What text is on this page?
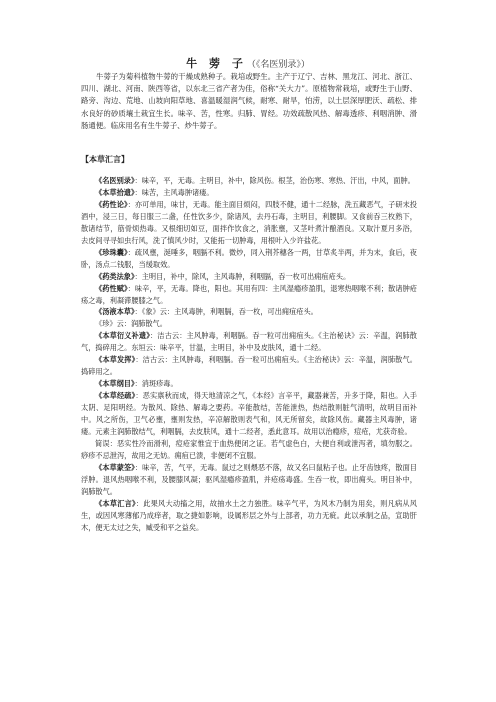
牛 蒡 子（《名医别录》）

牛蒡子为菊科植物牛蒡的干燥成熟种子。栽培或野生。主产于辽宁、吉林、黑龙江、河北、浙江、四川、湖北、河南、陕西等省，以东北三省产者为佳，俗称“关大力”。原植物常栽培，或野生于山野、路旁、沟边、荒地、山坡向阳草地、喜温暖湿润气候，耐寒、耐旱，怕涝，以土层深厚肥沃、疏松、排水良好的砂质壤土栽宜生长。味辛、苦，性寒。归肺、胃经。功效疏散风热、解毒透疹、利咽消肿、滑肠通便。临床用名有生牛蒡子、炒牛蒡子。

【本草汇言】

《名医别录》：味辛，平，无毒。主明目，补中，除风伤。根茎，治伤寒、寒热、汗出，中风，面肿。

《本草拾遗》：味苦，主风毒肿诸瘘。

《药性论》：亦可单用，味甘，无毒。能主面目烦闷，四肢不健，通十二经脉，洗五藏恶气，子研末投酒中，浸三日，每日服三二盏，任性饮多少，除诸风，去丹石毒，主明目，利腰脚。又食前吞三枚熟下，散诸结节，筋骨烦热毒。又根细切如豆，面拌作饮食之，消胀壅，又茎叶煮汁酿酒良。又取汁夏月多浴，去皮间寻寻如虫行风，洗了慎风少时，又能拓一切肿毒，用根叶入少许盐花。

《珍珠囊》：疏风壅，涎唾多，咽膈不利。微炒，同入荆芥穗各一两，甘草炙半两，并为末，食后，夜卧，汤点二钱服，当缓取效。

《药类法象》：主明目，补中，除风，主风毒肿，利咽膈，吞一枚可出痈疽疮头。

《药性赋》：味辛，平，无毒。降也，阳也。其用有四：主风湿瘾疹盈肌，退寒热咽喉不利；散诸肿疮疡之毒，利凝滞腰膝之气。

《汤液本草》：《象》云：主风毒肿，利咽膈，吞一枚，可出痈疽疮头。

《珍》云：润肺散气。

《本草衍义补遗》：洁古云：主风肿毒，利咽膈。吞一粒可出痈疽头。《主治秘诀》云：辛温，润肺散气，捣碎用之。东垣云：味辛平，甘温，主明目，补中及皮肤风，通十二经。

《本草发挥》：洁古云：主风肿毒，利咽膈。吞一粒可出痈疽头。《主治秘诀》云：辛温，润肺散气。捣碎用之。

《本草纲目》：消斑疹毒。

《本草经疏》：恶实禀秋而成，得天地清凉之气，《本经》言辛平，藏器兼苦，升多于降，阳也。入手太阴、足阳明经。为散风、除热、解毒之要药。辛能散结，苦能泄热，热结散则脏气清明，故明目而补中。风之所伤，卫气必壅，壅则发热，辛凉解散则表气和，风无所留矣，故除风伤。藏器主风毒肿，诸瘘。元素主润肺散结气，利咽膈，去皮肤风，通十二经者，悉此意耳。故用以治瘾疹，痘疮，尤获奇验。

简误：恶实性冷而滑利，痘疮家惟宜于血热便闭之证。若气虚色白，大便自利或泄泻者，填勿服之。痧疹不忌泄泻，故用之无妨。痈疽已溃，非便闭不宜服。

《本草蒙筌》：味辛，苦，气平，无毒。鼠过之则煨恶不落，故又名曰鼠粘子也。止牙齿蚀疼，散面目浮肿。退风热咽喉不利，及腰膝风凝；驱风湿瘾疹盈肌，并疮疡毒盛。生吞一枚，即出痈头。明目补中，润肺散气。

《本草汇言》：此果风大动搐之用，故抽水土之力独胜。味辛气平，为风木乃制为用矣，则凡病从风生，或因风寒薄郁乃成痒者，取之捷如影响，设属形层之外与上部者，功力无疵。此以承制之品，宣助肝木，便无太过之失，臧受和平之益矣。
